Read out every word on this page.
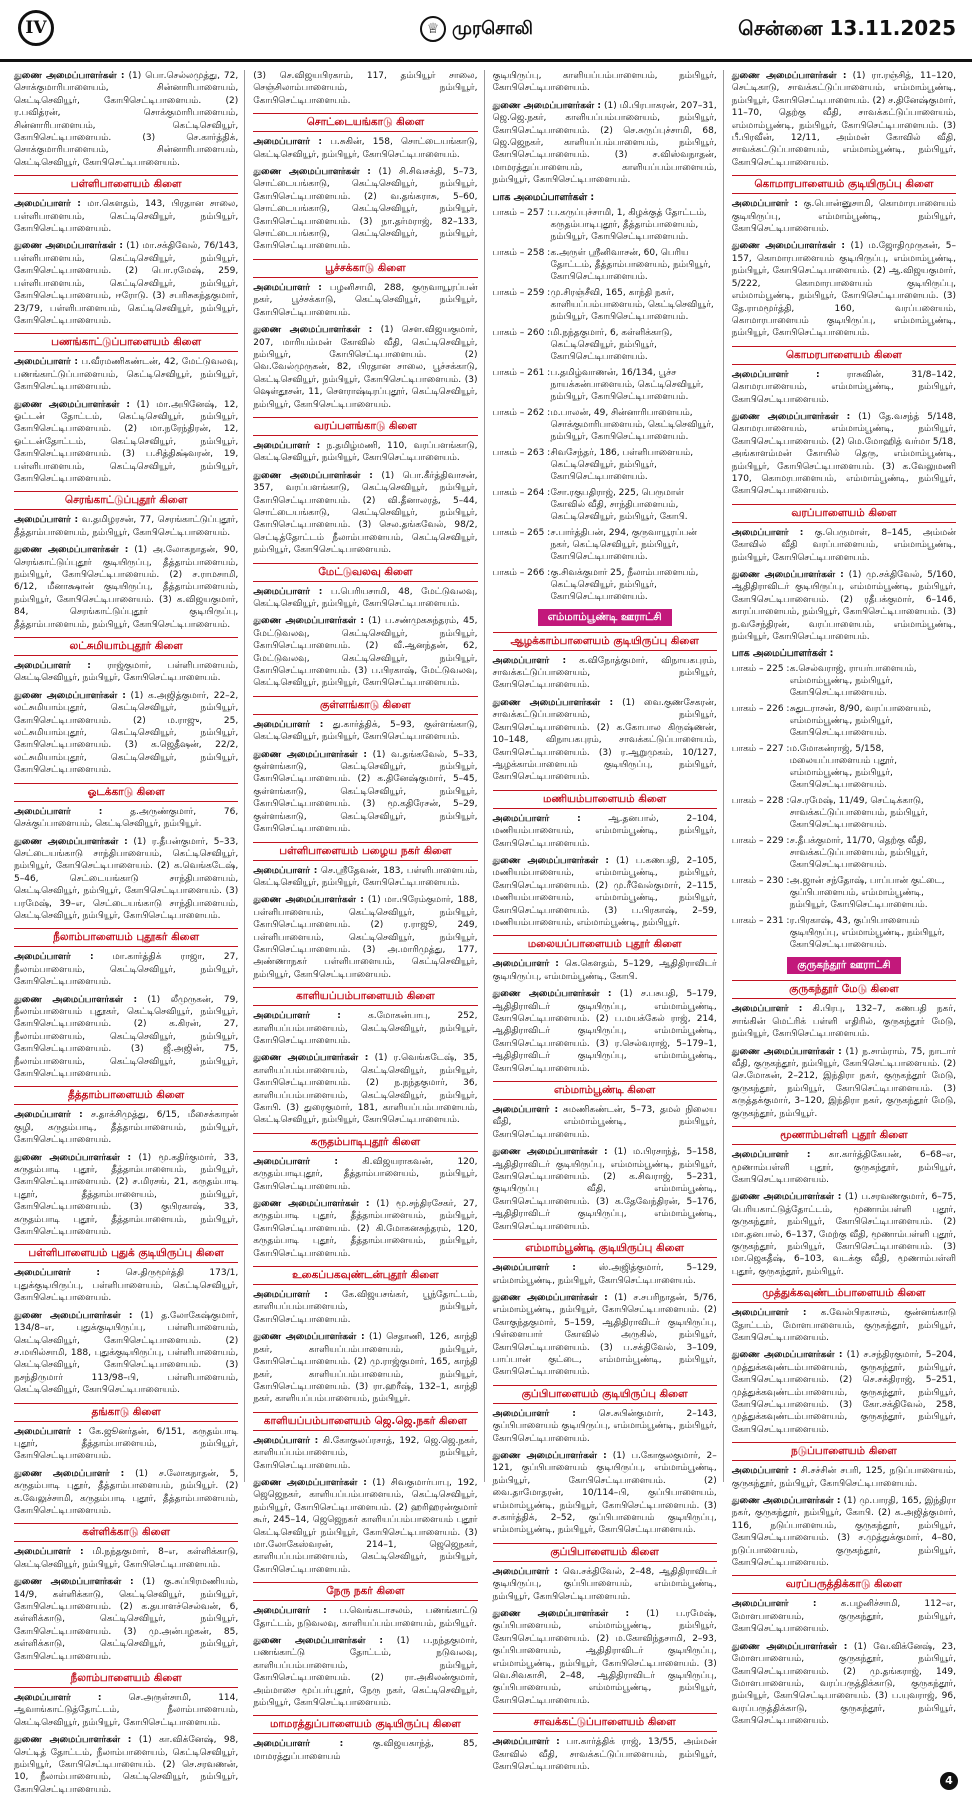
IV	♕ முரசொலி	சென்னை 13.11.2025

துணை அமைப்பாளர்கள் : (1) பொ.செல்லமுத்து, 72, சொக்குமாரிபாளையம், சின்னாரிபாளையம், கெட்டிசெவியூர், கோபிசெட்டிபாளையம். (2) ர.பவித்ரன், சொக்குமாரிபாளையம், சின்னாரிபாளையம், கெட்டிசெவியூர், கோபிசெட்டிபாளையம். (3) செ.கார்த்திக், சொக்குமாரிபாளையம், சின்னாரிபாளையம், கெட்டிசெவியூர், கோபிசெட்டிபாளையம்.

பள்ளிபாளையம் கிளை

அமைப்பாளர் : மா.கௌதம், 143, பிரதான சாலை, பள்ளிபாளையம், கெட்டிசெவியூர், நம்பியூர், கோபிசெட்டிபாளையம்.

துணை அமைப்பாளர்கள் : (1) மா.சக்திவேல், 76/143, பள்ளிபாளையம், கெட்டிசெவியூர், நம்பியூர், கோபிசெட்டிபாளையம். (2) பொ.ரமேஷ், 259, பள்ளிபாளையம், கெட்டிசெவியூர், நம்பியூர், கோபிசெட்டிபாளையம், ஈரோடு. (3) சபரிசுகந்தகுமார், 23/79, பள்ளிபாளையம், கெட்டிசெவியூர், நம்பியூர், கோபிசெட்டிபாளையம்.

பணங்காட்டுப்பாளையம் கிளை

அமைப்பாளர் : ப.வீரமணிகண்டன், 42, மேட்டுவலவு, பணங்காட்டுப்பாளையம், கெட்டிசெவியூர், நம்பியூர், கோபிசெட்டிபாளையம்.

துணை அமைப்பாளர்கள் : (1) மா.அபினேஷ், 12, ஓட்டன் தோட்டம், கெட்டிசெவியூர், நம்பியூர், கோபிசெட்டிபாளையம். (2) மா.நரேந்திரன், 12, ஓட்டன்தோட்டம், கெட்டிசெவியூர், நம்பியூர், கோபிசெட்டிபாளையம். (3) ப.சித்திக்ஷ்வரன், 19, பள்ளிபாளையம், கெட்டிசெவியூர், நம்பியூர், கோபிசெட்டிபாளையம்.

செரங்காட்டுப்புதூர் கிளை

அமைப்பாளர் : வ.தமிழரசன், 77, செரங்காட்டுப்புதூர், தீத்தாம்பாளையம், நம்பியூர், கோபிசெட்டிபாளையம்.

துணை அமைப்பாளர்கள் : (1) அ.லோகநாதன், 90, செரங்காட்டுப்புதூர் குடியிருப்பு, தீத்தாம்பாளையம், நம்பியூர், கோபிசெட்டிபாளையம். (2) ச.ராமசாமி, 6/12, மீனாக்ஷான் குடியிருப்பு, தீத்தாம்பாளையம், நம்பியூர், கோபிசெட்டிபாளையம். (3) க.விஜயகுமார், 84, செரங்காட்டுப்புதூர் குடியிருப்பு, தீத்தாம்பாளையம், நம்பியூர், கோபிசெட்டிபாளையம்.

லட்சுமியாம்புதூர் கிளை

அமைப்பாளர் : ராஜ்குமார், பள்ளிபாளையம், கெட்டிசெவியூர், நம்பியூர், கோபிசெட்டிபாளையம்.

துணை அமைப்பாளர்கள் : (1) க.அஜித்குமார், 22–2, லட்சுமியாம்புதூர், கெட்டிசெவியூர், நம்பியூர், கோபிசெட்டிபாளையம். (2) ம.ராஜு, 25, லட்சுமியாம்புதூர், கெட்டிசெவியூர், நம்பியூர், கோபிசெட்டிபாளையம். (3) க.ஜெதீஷன், 22/2, லட்சுமியாம்புதூர், கெட்டிசெவியூர், நம்பியூர், கோபிசெட்டிபாளையம்.

ஓடக்காடு கிளை

அமைப்பாளர் :	த.அருண்குமார், 76, செக்குப்பாளையம், கெட்டிசெவியூர், நம்பியூர்.

துணை அமைப்பாளர்கள் : (1) ர.தீபன்குமார், 5–33, செட்டையங்காடு சாந்திபாளையம், கெட்டிசெவியூர், நம்பியூர், கோபிசெட்டிபாளையம். (2) க.வெங்கடேஷ், 5–46, செட்டையங்காடு சாந்திபாளையம், கெட்டிசெவியூர், நம்பியூர், கோபிசெட்டிபாளையம். (3) பரமேஷ், 39–எ, செட்டையங்காடு சாந்திபாளையம், கெட்டிசெவியூர், நம்பியூர், கோபிசெட்டிபாளையம்.

நீலாம்பாளையம் புதூகர் கிளை

அமைப்பாளர் : மா.கார்த்திக் ராஜா, 27, நீலாம்பாளையம், கெட்டிசெவியூர், நம்பியூர், கோபிசெட்டிபாளையம்.

துணை அமைப்பாளர்கள் : (1) லீமுருகன், 79, நீலாம்பாளையம் புதூகர், கெட்டிசெவியூர், நம்பியூர், கோபிசெட்டிபாளையம். (2) க.கிரன், 27, நீலாம்பாளையம், கெட்டிசெவியூர், நம்பியூர், கோபிசெட்டிபாளையம். (3) ஜீ.அஜின், 75, நீலாம்பாளையம், கெட்டிசெவியூர், நம்பியூர், கோபிசெட்டிபாளையம்.

தீத்தாம்பாளையம் கிளை

அமைப்பாளர் : ச.தாக்சிமுத்து, 6/15, மீசைக்காரன் குழி, கருதம்பாடி, தீத்தாம்பாளையம், நம்பியூர், கோபிசெட்டிபாளையம்.

துணை அமைப்பாளர்கள் : (1) மூ.கதிர்குமார், 33, கருதம்பாடி புதூர், தீத்தாம்பாளையம், நம்பியூர், கோபிசெட்டிபாளையம். (2) ச.மிரசங், 21, கருதம்பாடி புதூர், தீத்தாம்பாளையம், நம்பியூர், கோபிசெட்டிபாளையம். (3) குபிரகாஷ், 33, கருதம்பாடி புதூர், தீத்தாம்பாளையம், நம்பியூர், கோபிசெட்டிபாளையம்.

பள்ளிபாளையம் புதுக் குடியிருப்பு கிளை

அமைப்பாளர் :	செ.திருமூர்த்தி 173/1, புதுக்குடியிருப்பு, பள்ளிபாளையம், கெட்டிசெவியூர், கோபிசெட்டிபாளையம்.

துணை அமைப்பாளர்கள் : (1) த.லோகேஷ்குமார், 134/8–எ, புதுக்குடியிருப்பு, பள்ளிபாளையம், கெட்டிசெவியூர், கோபிசெட்டிபாளையம். (2) ச.மயில்சாமி, 188, புதுக்குடியிருப்பு, பள்ளிபாளையம், கெட்டிசெவியூர், கோபிசெட்டிபாளையம். (3) நசந்திருமார் 113/98–பி, பள்ளிபாளையம், கெட்டிசெவியூர், கோபிசெட்டிபாளையம்.

தங்காடு கிளை

அமைப்பாளர் : கே.ஜூனர்தன், 6/151, கருதம்பாடி புதூர், தீத்தாம்பாளையம், நம்பியூர், கோபிசெட்டிபாளையம்.

துணை அமைப்பாளர் : (1) ச.லோகநாதன், 5, கருதம்பாடி புதூர், தீத்தாம்பாளையம், நம்பியூர். (2) க.வேலுச்சாமி, கருதம்பாடி புதூர், தீத்தாம்பாளையம், கோபிசெட்டிபாளையம்.

கள்ளிக்காடு கிளை

அமைப்பாளர் : மி.நந்தகுமார், 8–எ, கள்ளிக்காடு, கெட்டிசெவியூர், நம்பியூர், கோபிசெட்டிபாளையம்.

துணை அமைப்பாளர்கள் : (1) கு.சுப்பிரமணியம், 14/9, கள்ளிக்காடு, கெட்டிசெவியூர், நம்பியூர், கோபிசெட்டிபாளையம். (2) க.தயாளச்செல்வன், 6, கள்ளிக்காடு, கெட்டிசெவியூர், நம்பியூர், கோபிசெட்டிபாளையம். (3) மு.அன்பழகன், 85, கள்ளிக்காடு, கெட்டிசெவியூர், நம்பியூர், கோபிசெட்டிபாளையம்.

நீலாம்பாளையம் கிளை

அமைப்பாளர் :	செ.அருள்சாமி, 114, ஆவாங்காட்டுத்தோட்டம், நீலாம்பாளையம், கெட்டிசெவியூர், நம்பியூர், கோபிசெட்டிபாளையம்.

துணை அமைப்பாளர்கள் : (1) கா.விக்னேஷ், 98, செட்டித் தோட்டம், நீலாம்பாளையம், கெட்டிசெவியூர், நம்பியூர், கோபிசெட்டிபாளையம். (2) செ.சரவணன், 10, நீலாம்பாளையம், கெட்டிசெவியூர், நம்பியூர், கோபிசெட்டிபாளையம்.

(3) செ.விஜயபிரகாம், 117, தம்பியூர் சாலை, செஞ்சிலாம்பாளையம், நம்பியூர், கோபிசெட்டிபாளையம்.

சொட்டையங்காடு கிளை

அமைப்பாளர் : ப.சுகின், 158, சொட்டையங்காடு, கெட்டிசெவியூர், நம்பியூர், கோபிசெட்டிபாளையம்.

துணை அமைப்பாளர்கள் : (1) சி.சிவசக்தி, 5–73, சொட்டையங்காடு, கெட்டிசெவியூர், நம்பியூர், கோபிசெட்டிபாளையம். (2) வ.தங்கராசு, 5–60, சொட்டையங்காடு, கெட்டிசெவியூர், நம்பியூர், கோபிசெட்டிபாளையம். (3) நா.தர்மராஜ், 82–133, சொட்டையங்காடு, கெட்டிசெவியூர், நம்பியூர், கோபிசெட்டிபாளையம்.

பூச்சக்காடு கிளை

அமைப்பாளர் : பழனிசாமி, 288, குருவாயூரப்பன் நகர், பூச்சக்காடு, கெட்டிசெவியூர், நம்பியூர், கோபிசெட்டிபாளையம்.

துணை அமைப்பாளர்கள் : (1) செள.விஜயகுமார், 207, மாரியம்மன் கோவில் வீதி, கெட்டிசெவியூர், நம்பியூர், கோபிசெட்டிபாளையம். (2) வெ.வேல்முருகன், 82, பிரதான சாலை, பூச்சக்காடு, கெட்டிசெவியூர், நம்பியூர், கோபிசெட்டிபாளையம். (3) ஷெள்தூசன், 11, சௌராஷ்டிரப்புதூர், கெட்டிசெவியூர், நம்பியூர், கோபிசெட்டிபாளையம்.

வரப்பளங்காடு கிளை

அமைப்பாளர் : ந.தமிழ்மணி, 110, வரப்பளங்காடு, கெட்டிசெவியூர், நம்பியூர், கோபிசெட்டிபாளையம்.

துணை அமைப்பாளர்கள் : (1) பொ.கீர்த்திவாசன், 357, வரப்பளங்காடு, கெட்டிசெவியூர், நம்பியூர், கோபிசெட்டிபாளையம். (2) வி.தீனாலரத், 5–44, சொட்டையங்காடு, கெட்டிசெவியூர், நம்பியூர், கோபிசெட்டிபாளையம். (3) செல.தங்கவேல், 98/2, செட்டித்தோட்டம் நீலாம்பாளையம், கெட்டிசெவியூர், நம்பியூர், கோபிசெட்டிபாளையம்.

மேட்டுவலவு கிளை

அமைப்பாளர் : ப.பெரியசாமி, 48, மேட்டுவலவு, கெட்டிசெவியூர், நம்பியூர், கோபிசெட்டிபாளையம்.

துணை அமைப்பாளர்கள் : (1) ப.சண்முகசுந்தரம், 45, மேட்டுவலவு, கெட்டிசெவியூர், நம்பியூர், கோபிசெட்டிபாளையம். (2) வீ.ஆனந்தன், 62, மேட்டுவலவு, கெட்டிசெவியூர், நம்பியூர், கோபிசெட்டிபாளையம். (3) ப.பிரகாஷ், மேட்டுவலவு, கெட்டிசெவியூர், நம்பியூர், கோபிசெட்டிபாளையம்.

குள்ளங்காடு கிளை

அமைப்பாளர் : து.கார்த்திக், 5–93, குள்ளங்காடு, கெட்டிசெவியூர், நம்பியூர், கோபிசெட்டிபாளையம்.

துணை அமைப்பாளர்கள் : (1) வ.தங்கவேல், 5–33, குள்ளங்காடு, கெட்டிசெவியூர், நம்பியூர், கோபிசெட்டிபாளையம். (2) க.தினேஷ்குமார், 5–45, குள்ளங்காடு, கெட்டிசெவியூர், நம்பியூர், கோபிசெட்டிபாளையம். (3) மூ.கதிரேசன், 5–29, குள்ளங்காடு, கெட்டிசெவியூர், நம்பியூர், கோபிசெட்டிபாளையம்.

பள்ளிபாளையம் பழைய நகர் கிளை

அமைப்பாளர் : செ.ஸ்ரீதேவன், 183, பள்ளிபாளையம், கெட்டிசெவியூர், நம்பியூர், கோபிசெட்டிபாளையம்.

துணை அமைப்பாளர்கள் : (1) மா.பிரேம்குமார், 188, பள்ளிபாளையம், கெட்டிசெவியூர், நம்பியூர், கோபிசெட்டிபாளையம். (2) ர.ராஜூ, 249, பள்ளிபாளையம், கெட்டிசெவியூர், நம்பியூர், கோபிசெட்டிபாளையம். (3) அ.மாரிமுத்து, 177, அண்ணாநகர் பள்ளிபாளையம், கெட்டிசெவியூர், நம்பியூர், கோபிசெட்டிபாளையம்.

காளியப்பம்பாளையம் கிளை

அமைப்பாளர் :	க.மோகன்பாபு, 252, காளியப்பம்பாளையம், கெட்டிசெவியூர், நம்பியூர், கோபிசெட்டிபாளையம்.

துணை அமைப்பாளர்கள் : (1) ர.வெங்கடேஷ், 35, காளியப்பம்பாளையம், கெட்டிசெவியூர், நம்பியூர், கோபிசெட்டிபாளையம். (2) ந.நந்தகுமார், 36, காளியப்பம்பாளையம், கெட்டிசெவியூர், நம்பியூர், கோபி. (3) துரைகுமார், 181, காளியப்பம்பாளையம், கெட்டிசெவியூர், நம்பியூர், கோபிசெட்டிபாளையம்.

கருதம்பாடிபுதூர் கிளை

அமைப்பாளர் :	கி.விஜயராகவன், 120, கருதம்பாடிபுதூர், தீத்தாம்பாளையம், நம்பியூர், கோபிசெட்டிபாளையம்.

துணை அமைப்பாளர்கள் : (1) மூ.சந்திரசேகர், 27, கருதம்பாடி புதூர், தீத்தாம்பாளையம், நம்பியூர், கோபிசெட்டிபாளையம். (2) கி.மோகனசுந்தரம், 120, கருதம்பாடி புதூர், தீத்தாம்பாளையம், நம்பியூர், கோபிசெட்டிபாளையம்.

உகைப்பகவுண்டன்புதூர் கிளை

அமைப்பாளர் : கே.விஜயசங்கர், பூந்தோட்டம், காளியப்பம்பாளையம், நம்பியூர், கோபிசெட்டிபாளையம்.

துணை அமைப்பாளர்கள் : (1) செதாணி, 126, காந்தி நகர், காளியப்பம்பாளையம், நம்பியூர், கோபிசெட்டிபாளையம். (2) மு.ராஜ்குமார், 165, காந்தி நகர், காளியப்பம்பாளையம், நம்பியூர், கோபிசெட்டிபாளையம். (3) ரா.ஹரீஷ், 132–1, காந்தி நகர், காளியப்பம்பாளையம், நம்பியூர்.

காளியப்பம்பாளையம் ஜெ.ஜெ.நகர் கிளை

அமைப்பாளர் : கி.கோகுலப்ரசாத், 192, ஜெ.ஜெ.நகர், காளியப்பம்பாளையம், நம்பியூர், கோபிசெட்டிபாளையம்.

துணை அமைப்பாளர்கள் : (1) சிவகுமார்பாபு, 192, ஜெஜெநகர், காளியப்பம்பாளையம், கெட்டிசெவியூர், நம்பியூர், கோபிசெட்டிபாளையம். (2) ஹரிஹரன்குமார் கூர், 245–14, ஜெஜெநகர் காளியப்பம்பாளையம் புதூர் கெட்டிசெவியூர் நம்பியூர், கோபிசெட்டிபாளையம். (3) மா.லோகேஸ்வரன், 214–1, ஜெஜெநகர், காளியப்பம்பாளையம், கெட்டிசெவியூர், நம்பியூர், கோபிசெட்டிபாளையம்.

நேரு நகர் கிளை

அமைப்பாளர் : ப.வெங்கடாசலம், பணங்காட்டு தோட்டம், நடுவலவு, காளியப்பம்பாளையம், நம்பியூர்.

துணை அமைப்பாளர்கள் : (1) ப.நந்தகுமார், பணங்காட்டு தோட்டம், நடுவலவு, காளியப்பம்பாளையம், நம்பியூர், கோபிசெட்டிபாளையம். (2) ரா.அகிலன்குமார், அம்மாசை மூப்பர்புதூர், நேரு நகர், கெட்டிசெவியூர், நம்பியூர், கோபிசெட்டிபாளையம்.

மாமரத்துப்பாளையம் குடியிருப்பு கிளை

அமைப்பாளர் :	கு.விஜயகாந்த், 85, மாமரத்துப்பாளையம்

குடியிருப்பு, காளியப்பம்பாளையம், நம்பியூர், கோபிசெட்டிபாளையம்.

துணை அமைப்பாளர்கள் : (1) மி.பிரபாகரன், 207–31, ஜெ.ஜெ.நகர், காளியப்பம்பாளையம், நம்பியூர், கோபிசெட்டிபாளையம். (2) செ.சுருப்புச்சாமி, 68, ஜெ.ஜெநகர், காளியப்பம்பாளையம், நம்பியூர், கோபிசெட்டிபாளையம். (3) ச.விஸ்வநாதன், மாமரத்துப்பாளையம், காளியப்பம்பாளையம், நம்பியூர், கோபிசெட்டிபாளையம்.

பாக அமைப்பாளர்கள் :
பாகம் – 257 : ப.கருப்புச்சாமி, 1, கிழக்குத் தோட்டம், கருதம்பாடிபுதூர், தீத்தாம்பாளையம், நம்பியூர், கோபிசெட்டிபாளையம்.
பாகம் – 258 : க.அருள் ஸ்ரீனிவாசன், 60, பெரிய தோட்டம், தீத்தாம்பாளையம், நம்பியூர், கோபிசெட்டிபாளையம்.
பாகம் – 259 : மு.சிரஞ்சீவி, 165, காந்தி நகர், காளியப்பம்பாளையம், கெட்டிசெவியூர், நம்பியூர், கோபிசெட்டிபாளையம்.
பாகம் – 260 : மி.நந்தகுமார், 6, கள்ளிக்காடு, கெட்டிசெவியூர், நம்பியூர், கோபிசெட்டிபாளையம்.
பாகம் – 261 : ப.தமிழ்வாணன், 16/134, பூச்ச நாயக்கன்பாளையம், கெட்டிசெவியூர், நம்பியூர், கோபிசெட்டிபாளையம்.
பாகம் – 262 : ம.பாலன், 49, சின்னாரிபாளையம், சொக்குமாரிபாளையம், கெட்டிசெவியூர், நம்பியூர், கோபிசெட்டிபாளையம்.
பாகம் – 263 : சிவசேந்தர், 186, பள்ளிபாளையம், கெட்டிசெவியூர், நம்பியூர், கோபிசெட்டிபாளையம்.
பாகம் – 264 : சோ.ரகுபதிராஜ், 225, பெருமாள் கோவில் வீதி, சாந்திபாளையம், கெட்டிசெவியூர், நம்பியூர், கோபி.
பாகம் – 265 : ச.பார்த்திபன், 294, குருவாயூரப்பன் நகர், கெட்டிசெவியூர், நம்பியூர், கோபிசெட்டிபாளையம்.
பாகம் – 266 : கு.சிவக்குமார் 25, நீலாம்பாளையம், கெட்டிசெவியூர், நம்பியூர், கோபிசெட்டிபாளையம்.
எம்மாம்பூண்டி ஊராட்சி
ஆழக்காம்பாளையம் குடியிருப்பு கிளை

அமைப்பாளர் : க.விநோத்குமார், விநாயகபுரம், சாவக்கட்டுப்பாளையம், நம்பியூர், கோபிசெட்டிபாளையம்.

துணை அமைப்பாளர்கள் : (1) வை.குணசேகரன், சாவக்கட்டுப்பாளையம், நம்பியூர், கோபிசெட்டிபாளையம். (2) க.கோபால கிருஷ்ணன், 10–148, விநாயகபுரம், சாவக்கட்டுப்பாளையம், கோபிசெட்டிபாளையம். (3) ர.ஆறுமுகம், 10/127, ஆழக்காம்பாளையம் குடியிருப்பு, நம்பியூர், கோபிசெட்டிபாளையம்.

மணியம்பாளையம் கிளை

அமைப்பாளர் :	ஆ.தனபால், 2–104, மணியம்பாளையம், எம்மாம்பூண்டி, நம்பியூர், கோபிசெட்டிபாளையம்.

துணை அமைப்பாளர்கள் : (1) ப.கணபதி, 2–105, மணியம்பாளையம், எம்மாம்பூண்டி, நம்பியூர், கோபிசெட்டிபாளையம். (2) மு.ரீவேல்குமார், 2–115, மணியம்பாளையம், எம்மாம்பூண்டி, நம்பியூர், கோபிசெட்டிபாளையம். (3) ப.பிரகாஷ், 2–59, மணியம்பாளையம், எம்மாம்பூண்டி, நம்பியூர்.

மலையப்பாளையம் புதூர் கிளை

அமைப்பாளர் : கெ.கௌதம், 5–129, ஆதிதிராவிடர் குடியிருப்பு, எம்மாம்பூண்டி, கோபி.

துணை அமைப்பாளர்கள் : (1) ச.பசுபதி, 5–179, ஆதிதிராவிடர் குடியிருப்பு, எம்மாம்பூண்டி, கோபிசெட்டிபாளையம். (2) ப.மயக்கேல் ராஜ், 214, ஆதிதிராவிடர் குடியிருப்பு, எம்மாம்பூண்டி, கோபிசெட்டிபாளையம். (3) ர.செல்வராஜ், 5–179–1, ஆதிதிராவிடர் குடியிருப்பு, எம்மாம்பூண்டி, கோபிசெட்டிபாளையம்.

எம்மாம்பூண்டி கிளை

அமைப்பாளர் : சுமணிகண்டன், 5–73, தமல் நிலைய வீதி, எம்மாம்பூண்டி, நம்பியூர், கோபிசெட்டிபாளையம்.

துணை அமைப்பாளர்கள் : (1) ம.பிரசாந்த், 5–158, ஆதிதிராவிடர் குடியிருப்பு, எம்மாம்பூண்டி, நம்பியூர், கோபிசெட்டிபாளையம். (2) க.சிவராஜ், 5–231, குடியிருப்பு வீதி, எம்மாம்பூண்டி, கோபிசெட்டிபாளையம். (3) க.தேவேந்திரன், 5–176, ஆதிதிராவிடர் குடியிருப்பு, எம்மாம்பூண்டி, கோபிசெட்டிபாளையம்.

எம்மாம்பூண்டி குடியிருப்பு கிளை

அமைப்பாளர் :	ஸ்.அஜித்குமார், 5–129, எம்மாம்பூண்டி, நம்பியூர், கோபிசெட்டிபாளையம்.

துணை அமைப்பாளர்கள் : (1) ச.சபரிநாதன், 5/76, எம்மாம்பூண்டி, நம்பியூர், கோபிசெட்டிபாளையம். (2) கோகுந்தகுமார், 5–159, ஆதிதிராவிடர் குடியிருப்பு, பிள்ளையார் கோவில் அருகில், நம்பியூர், கோபிசெட்டிபாளையம். (3) ப.சக்திவேல், 3–109, பாப்பான் குட்டை, எம்மாம்பூண்டி, நம்பியூர், கோபிசெட்டிபாளையம்.

குப்பிபாளையம் குடியிருப்பு கிளை

அமைப்பாளர் :	செ.சுபின்குமார், 2–143, குப்பிபாளையம் குடியிருப்பு, எம்மாம்பூண்டி, நம்பியூர், கோபிசெட்டிபாளையம்.

துணை அமைப்பாளர்கள் : (1) ப.கோகுலகுமார், 2–121, குப்பிபாளையம் குடியிருப்பு, எம்மாம்பூண்டி, நம்பியூர், கோபிசெட்டிபாளையம். (2) வை.தாமோதரன், 10/114–பி, குப்பிபாளையம், எம்மாம்பூண்டி, நம்பியூர், கோபிசெட்டிபாளையம். (3) ச.கார்த்திக், 2–52, குப்பிபாளையம் குடியிருப்பு, எம்மாம்பூண்டி, நம்பியூர், கோபிசெட்டிபாளையம்.

குப்பிபாளையம் கிளை

அமைப்பாளர் : வெ.சக்திவேல், 2–48, ஆதிதிராவிடர் குடியிருப்பு, குப்பிபாளையம், எம்மாம்பூண்டி, நம்பியூர், கோபிசெட்டிபாளையம்.

துணை அமைப்பாளர்கள் : (1) ப.ரமேஷ், குப்பிபாளையம், எம்மாம்பூண்டி, நம்பியூர், கோபிசெட்டிபாளையம். (2) ம.கோவிந்தசாமி, 2–93, குப்பிபாளையம், ஆதிதிராவிடர் குடியிருப்பு, எம்மாம்பூண்டி, நம்பியூர், கோபிசெட்டிபாளையம். (3) வெ.சிவகாசி, 2–48, ஆதிதிராவிடர் குடியிருப்பு, குப்பிபாளையம், எம்மாம்பூண்டி, நம்பியூர், கோபிசெட்டிபாளையம்.

சாவக்கட்டுப்பாளையம் கிளை

அமைப்பாளர் : பா.கார்த்திக் ராஜ், 13/55, அம்மன் கோவில் வீதி, சாவக்கட்டுப்பாளையம், நம்பியூர், கோபிசெட்டிபாளையம்.

துணை அமைப்பாளர்கள் : (1) ரா.ரஞ்சித், 11–120, செட்டிகாடு, சாவக்கட்டுப்பாளையம், எம்மாம்பூண்டி, நம்பியூர், கோபிசெட்டிபாளையம். (2) ச.தினேஷ்குமார், 11–70, தெற்கு வீதி, சாவக்கட்டுப்பாளையம், எம்மாம்பூண்டி, நம்பியூர், கோபிசெட்டிபாளையம். (3) பீ.பிரவீன், 12/11, அம்மன் கோவில் வீதி, சாவக்கட்டுப்பாளையம், எம்மாம்பூண்டி, நம்பியூர், கோபிசெட்டிபாளையம்.

கொமாரபாளையம் குடியிருப்பு கிளை

அமைப்பாளர் : கு.பொன்னுசாமி, கொமாரபாளையம் குடியிருப்பு, எம்மாம்பூண்டி, நம்பியூர், கோபிசெட்டிபாளையம்.

துணை அமைப்பாளர்கள் : (1) ம.ஜோதிமுருகன், 5–157, கொமாரபாளையம் குடியிருப்பு, எம்மாம்பூண்டி, நம்பியூர், கோபிசெட்டிபாளையம். (2) ஆ.விஜயகுமார், 5/222, கொமாரபாளையம் குடியிருப்பு, எம்மாம்பூண்டி, நம்பியூர், கோபிசெட்டிபாளையம். (3) தே.ராமமூர்த்தி, 160, வரப்பளையம், கொமாரபாளையம் குடியிருப்பு, எம்மாம்பூண்டி, நம்பியூர், கோபிசெட்டிபாளையம்.

கொமரபாளையம் கிளை

அமைப்பாளர் :	ராசுவின், 31/8–142, கொமரபாளையம், எம்மாம்பூண்டி, நம்பியூர், கோபிசெட்டிபாளையம்.

துணை அமைப்பாளர்கள் : (1) தே.வசந்த் 5/148, கொமரபாளையம், எம்மாம்பூண்டி, நம்பியூர், கோபிசெட்டிபாளையம். (2) மெ.மோஹித் வர்மா 5/18, அங்காளம்மன் கோயில் தெரு, எம்மாம்பூண்டி, நம்பியூர், கோபிசெட்டிபாளையம். (3) க.வேலுமணி 170, கொமரபாளையம், எம்மாம்பூண்டி, நம்பியூர், கோபிசெட்டிபாளையம்.

வரப்பாளையம் கிளை

அமைப்பாளர் : கு.பெருமாள், 8–145, அம்மன் கோவில் வீதி வரப்பாளையம், எம்மாம்பூண்டி, நம்பியூர், கோபிசெட்டிபாளையம்.

துணை அமைப்பாளர்கள் : (1) மு.சக்திவேல், 5/160, ஆதிதிராவிடர் குடியிருப்பு, எம்மாம்பூண்டி, நம்பியூர், கோபிசெட்டிபாளையம். (2) ரதீபக்குமார், 6–146, காரப்பாளையம், நம்பியூர், கோபிசெட்டிபாளையம். (3) ந.வசேந்திரன், வரப்பாளையம், எம்மாம்பூண்டி, நம்பியூர், கோபிசெட்டிபாளையம்.

பாக அமைப்பாளர்கள் :
பாகம் – 225 : க.செல்வராஜ், ராயர்பாளையம், எம்மாம்பூண்டி, நம்பியூர், கோபிசெட்டிபாளையம்.
பாகம் – 226 : சுதுடராசன், 8/90, வரப்பாளையம், எம்மாம்பூண்டி, நம்பியூர், கோபிசெட்டிபாளையம்.
பாகம் – 227 : ம.மோகன்ராஜ், 5/158, மலையப்பாளையம் புதூர், எம்மாம்பூண்டி, நம்பியூர், கோபிசெட்டிபாளையம்.
பாகம் – 228 : செ.ரமேஷ், 11/49, செட்டிக்காடு, சாவக்கட்டுப்பாளையம், நம்பியூர், கோபிசெட்டிபாளையம்.
பாகம் – 229 : ச.தீபக்குமார், 11/70, தெற்கு வீதி, சாவக்கட்டுப்பாளையம், நம்பியூர், கோபிசெட்டிபாளையம்.
பாகம் – 230 : அ.ஜான் சந்தோஷ், பாப்பான் குட்டை, குப்பிபாளையம், எம்மாம்பூண்டி, நம்பியூர், கோபிசெட்டிபாளையம்.
பாகம் – 231 : ர.பிரகாஷ், 43, குப்பிபாளையம் குடியிருப்பு, எம்மாம்பூண்டி, நம்பியூர், கோபிசெட்டிபாளையம்.
குருகந்தூர் ஊராட்சி
குருகந்தூர் மேடு கிளை

அமைப்பாளர் : கி.பிரபு, 132–7, கணபதி நகர், சாங்கின் மெட்ரிக் பள்ளி எதிரில், குருகந்தூர் மேடு, நம்பியூர், கோபிசெட்டிபாளையம்.

துணை அமைப்பாளர்கள் : (1) ந.சாம்ராம், 75, நாடார் வீதி, குருகந்தூர், நம்பியூர், கோபிசெட்டிபாளையம். (2) செ.மோகன், 2–212, இந்திரா நகர், குருகந்தூர் மேடு, குருகந்தூர், நம்பியூர், கோபிசெட்டிபாளையம். (3) கருத்தக்குமார், 3–120, இந்திரா நகர், குருகந்தூர் மேடு, குருகந்தூர், நம்பியூர்.

மூணாம்பள்ளி புதூர் கிளை

அமைப்பாளர் : கா.கார்த்திகேயன், 6–68–எ, மூணாம்பள்ளி புதூர், குருகந்தூர், நம்பியூர், கோபிசெட்டிபாளையம்.

துணை அமைப்பாளர்கள் : (1) ப.சரவணகுமார், 6–75, பெரியகாட்டுத்தோட்டம், மூணாம்பள்ளி புதூர், குருகந்தூர், நம்பியூர், கோபிசெட்டிபாளையம். (2) மா.தனபால், 6–137, மேற்கு வீதி, மூணாம்பள்ளி புதூர், குருகந்தூர், நம்பியூர், கோபிசெட்டிபாளையம். (3) மா.ஜெகதீஷ், 6–103, வடக்கு வீதி, மூணாம்பள்ளி புதூர், குருகந்தூர், நம்பியூர்.

முத்துக்கவுண்டம்பாளையம் கிளை

அமைப்பாளர் : க.வேல்பிரகாசம், குன்னங்காடு தோட்டம், மோளபாளையம், குருகந்தூர், நம்பியூர், கோபிசெட்டிபாளையம்.

துணை அமைப்பாளர்கள் : (1) ச.சந்திரகுமார், 5–204, முத்துக்கவுண்டம்பாளையம், குருகந்தூர், நம்பியூர், கோபிசெட்டிபாளையம். (2) செ.சக்திராஜ், 5–251, முத்துக்கவுண்டம்பாளையம், குருகந்தூர், நம்பியூர், கோபிசெட்டிபாளையம். (3) கோ.சக்திவேல், 258, முத்துக்கவுண்டம்பாளையம், குருகந்தூர், நம்பியூர், கோபிசெட்டிபாளையம்.

நடுப்பாளையம் கிளை

அமைப்பாளர் : சி.சச்சின் சபரி, 125, நடுப்பாளையம், குருகந்தூர், நம்பியூர், கோபிசெட்டிபாளையம்.

துணை அமைப்பாளர்கள் : (1) மு.பாரதி, 165, இந்திரா நகர், குருகந்தூர், நம்பியூர், கோபி. (2) க.அஜித்குமார், 116, நடுப்பாளையம், குருகந்தூர், நம்பியூர், கோபிசெட்டிபாளையம். (3) ச.முத்துக்குமார், 4–80, நடுப்பாளையம், குருகந்தூர், நம்பியூர், கோபிசெட்டிபாளையம்.

வரப்பருத்திக்காடு கிளை

அமைப்பாளர் :	க.பழனிச்சாமி, 112–எ, மோளபாளையம், குருகந்தூர், நம்பியூர், கோபிசெட்டிபாளையம்.

துணை அமைப்பாளர்கள் : (1) வே.விக்னேஷ், 23, மோளபாளையம், குருகந்தூர், நம்பியூர், கோபிசெட்டிபாளையம். (2) மு.தங்கராஜ், 149, மோளபாளையம், வரப்பருத்திக்காடு, குருகந்தூர், நம்பியூர், கோபிசெட்டிபாளையம். (3) ப.யுவராஜ், 96, வரப்பருத்திக்காடு, குருகந்தூர், நம்பியூர், கோபிசெட்டிபாளையம்.

4
